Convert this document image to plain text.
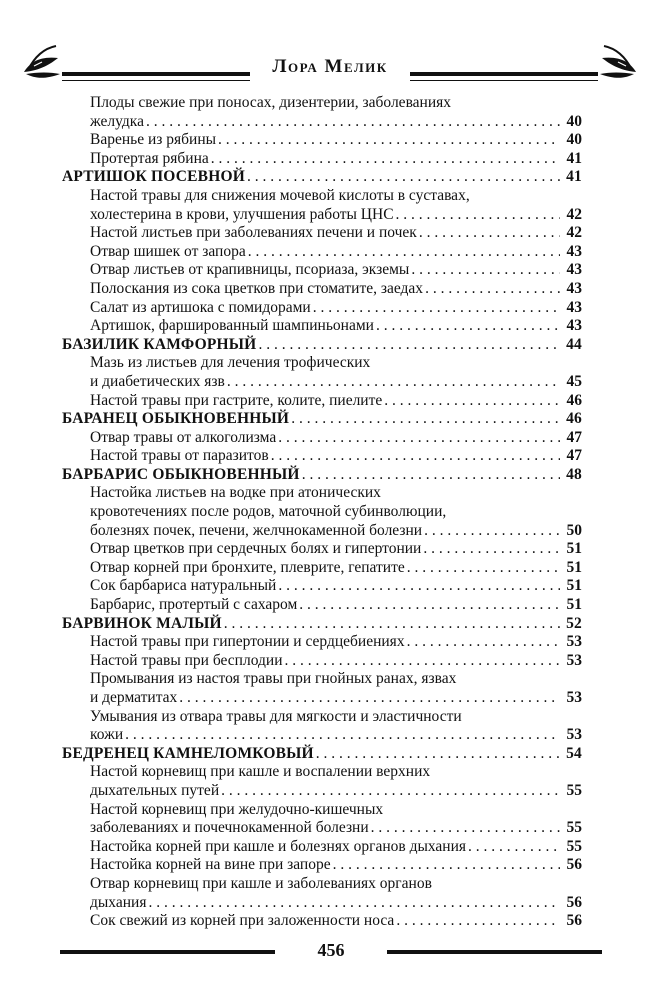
Лора Мелик
Плоды свежие при поносах, дизентерии, заболеваниях
желудка . . .	40
Варенье из рябины . . .	40
Протертая рябина . . .	41
АРТИШОК ПОСЕВНОЙ . . .	41
Настой травы для снижения мочевой кислоты в суставах,
холестерина в крови, улучшения работы ЦНС . . .	42
Настой листьев при заболеваниях печени и почек . . .	42
Отвар шишек от запора . . .	43
Отвар листьев от крапивницы, псориаза, экземы . . .	43
Полоскания из сока цветков при стоматите, заедах . . .	43
Салат из артишока с помидорами . . .	43
Артишок, фаршированный шампиньонами . . .	43
БАЗИЛИК КАМФОРНЫЙ . . .	44
Мазь из листьев для лечения трофических
и диабетических язв . . .	45
Настой травы при гастрите, колите, пиелите . . .	46
БАРАНЕЦ ОБЫКНОВЕННЫЙ . . .	46
Отвар травы от алкоголизма . . .	47
Настой травы от паразитов . . .	47
БАРБАРИС ОБЫКНОВЕННЫЙ . . .	48
Настойка листьев на водке при атонических
кровотечениях после родов, маточной субинволюции,
болезнях почек, печени, желчнокаменной болезни . . .	50
Отвар цветков при сердечных болях и гипертонии . . .	51
Отвар корней при бронхите, плеврите, гепатите . . .	51
Сок барбариса натуральный . . .	51
Барбарис, протертый с сахаром . . .	51
БАРВИНОК МАЛЫЙ . . .	52
Настой травы при гипертонии и сердцебиениях . . .	53
Настой травы при бесплодии . . .	53
Промывания из настоя травы при гнойных ранах, язвах
и дерматитах . . .	53
Умывания из отвара травы для мягкости и эластичности
кожи . . .	53
БЕДРЕНЕЦ КАМНЕЛОМКОВЫЙ . . .	54
Настой корневищ при кашле и воспалении верхних
дыхательных путей . . .	55
Настой корневищ при желудочно-кишечных
заболеваниях и почечнокаменной болезни . . .	55
Настойка корней при кашле и болезнях органов дыхания . . .	55
Настойка корней на вине при запоре . . .	56
Отвар корневищ при кашле и заболеваниях органов
дыхания . . .	56
Сок свежий из корней при заложенности носа . . .	56
456
